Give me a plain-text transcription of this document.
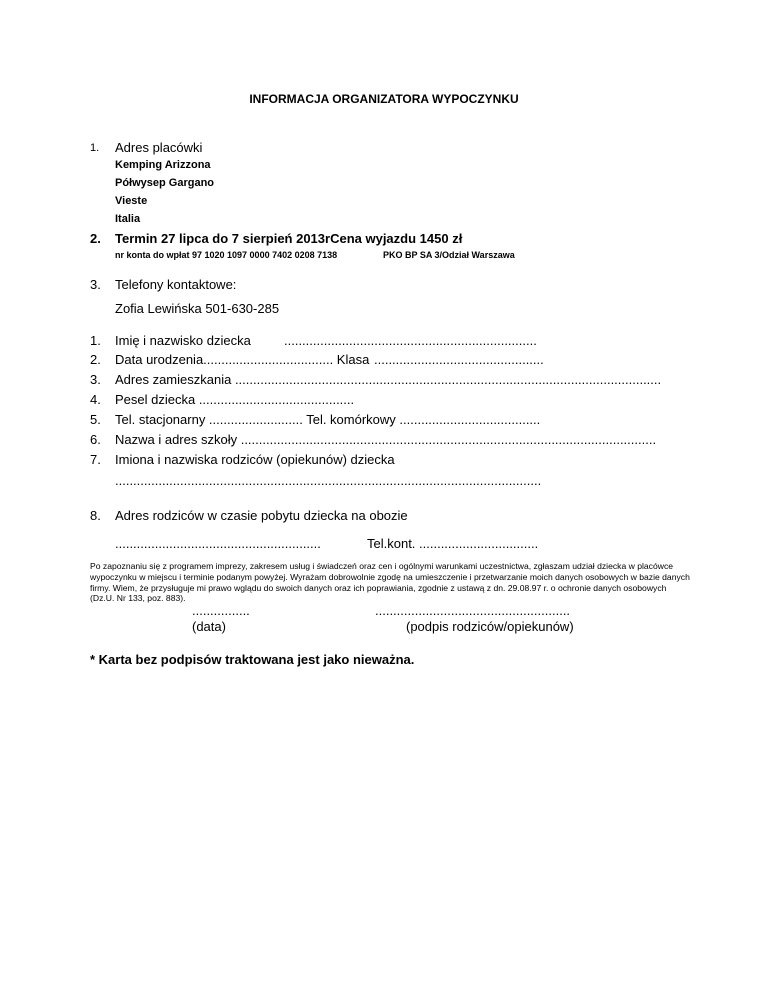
INFORMACJA ORGANIZATORA WYPOCZYNKU
1. Adres placówki
Kemping Arizzona
Półwysep Gargano
Vieste
Italia
2. Termin 27 lipca do 7 sierpień 2013rCena wyjazdu 1450 zł
nr konta do wpłat 97 1020 1097 0000 7402 0208 7138	PKO BP SA 3/Odział Warszawa
3. Telefony kontaktowe:
Zofia Lewińska 501-630-285
1. Imię i nazwisko dziecka	......................................................................
2. Data urodzenia.................................... Klasa ...............................................
3. Adres zamieszkania ......................................................................................................................
4. Pesel dziecka ...........................................
5. Tel. stacjonarny .......................... Tel. komórkowy .......................................
6. Nazwa i adres szkoły ...................................................................................................................
7. Imiona i nazwiska rodziców (opiekunów) dziecka
......................................................................................................................
8. Adres rodziców w czasie pobytu dziecka na obozie
.........................................................	Tel.kont. .................................
Po zapoznaniu się z programem imprezy, zakresem usług i świadczeń oraz cen i ogólnymi warunkami uczestnictwa, zgłaszam udział dziecka w placówce wypoczynku w miejscu i terminie podanym powyżej. Wyrażam dobrowolnie zgodę na umieszczenie i przetwarzanie moich danych osobowych w bazie danych firmy. Wiem, że przysługuje mi prawo wglądu do swoich danych oraz ich poprawiania, zgodnie z ustawą z dn. 29.08.97 r. o ochronie danych osobowych (Dz.U. Nr 133, poz. 883).
................
(data)
......................................................
(podpis rodziców/opiekunów)
* Karta bez podpisów traktowana jest jako nieważna.
